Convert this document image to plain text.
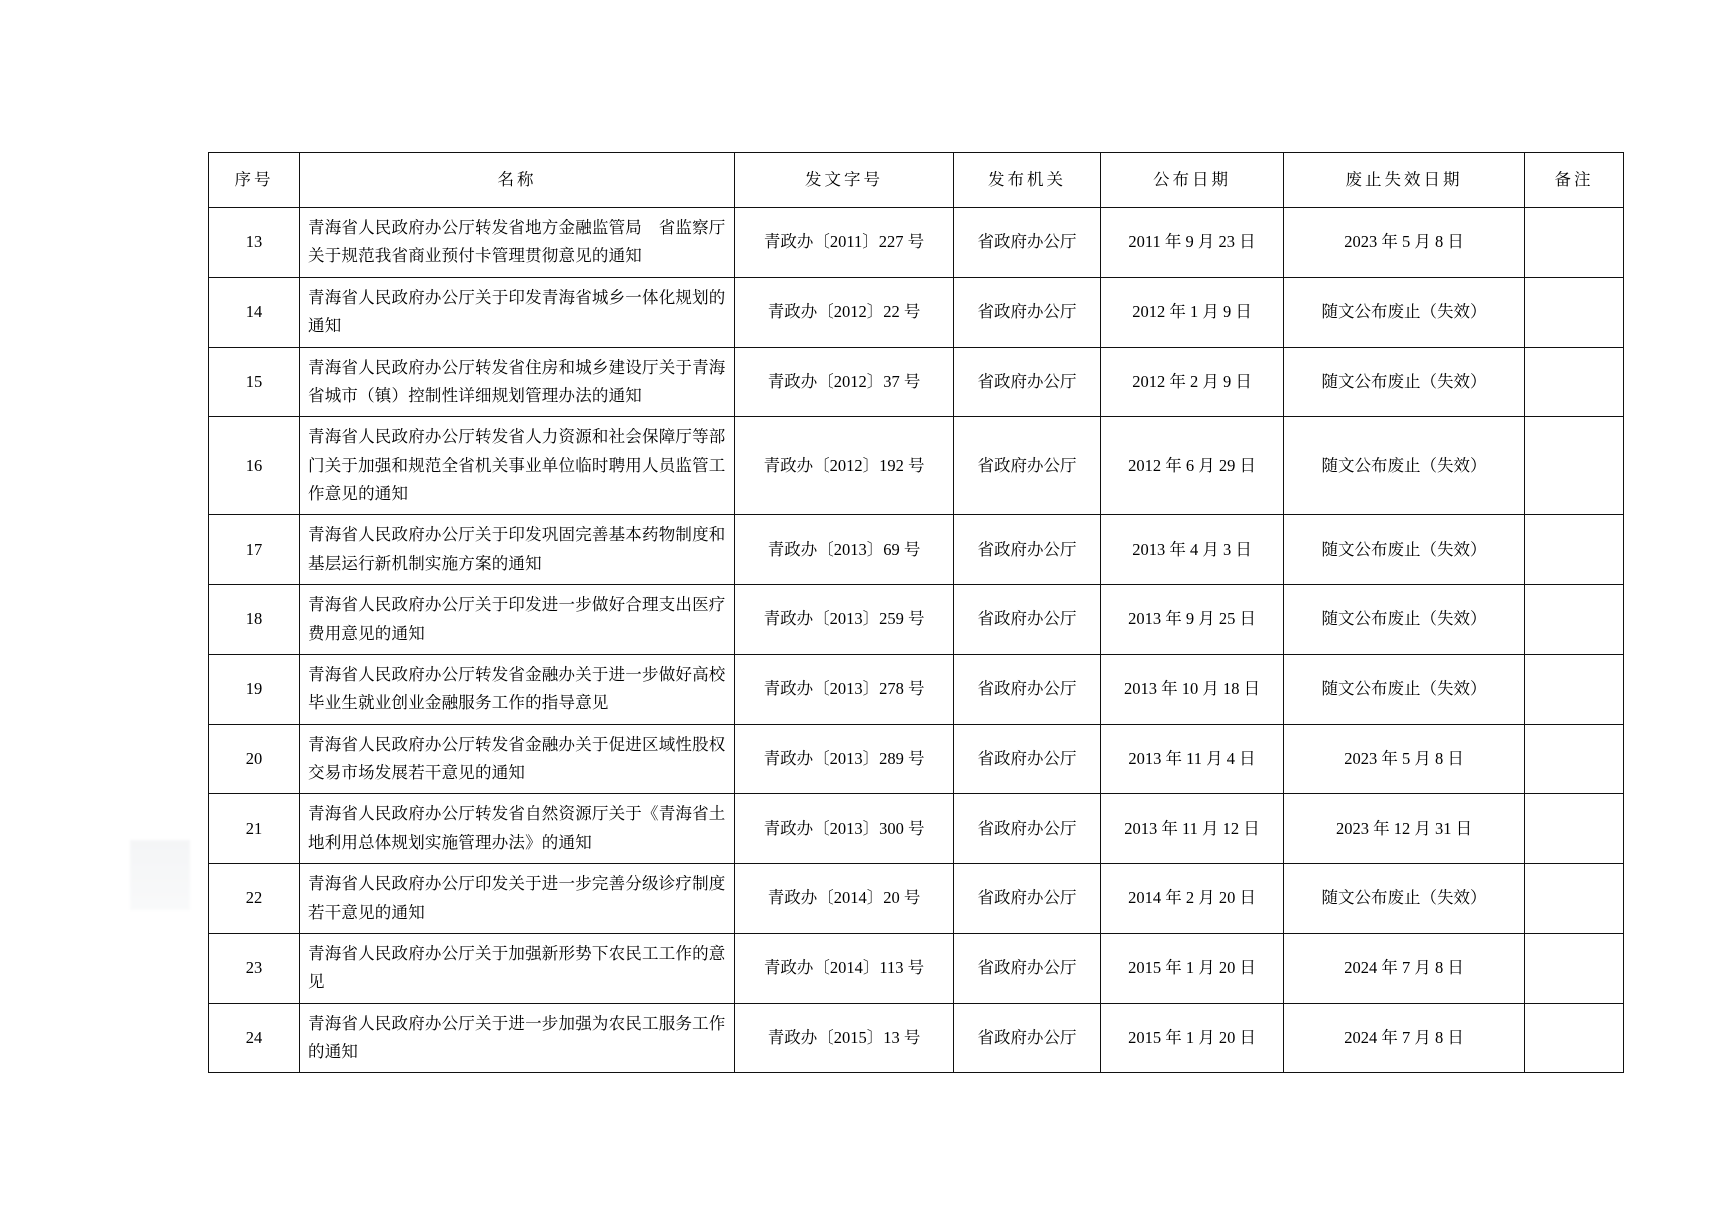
序号	名称	发文字号	发布机关	公布日期	废止失效日期	备注
13	青海省人民政府办公厅转发省地方金融监管局　省监察厅关于规范我省商业预付卡管理贯彻意见的通知	青政办〔2011〕227 号	省政府办公厅	2011 年 9 月 23 日	2023 年 5 月 8 日	
14	青海省人民政府办公厅关于印发青海省城乡一体化规划的通知	青政办〔2012〕22 号	省政府办公厅	2012 年 1 月 9 日	随文公布废止（失效）	
15	青海省人民政府办公厅转发省住房和城乡建设厅关于青海省城市（镇）控制性详细规划管理办法的通知	青政办〔2012〕37 号	省政府办公厅	2012 年 2 月 9 日	随文公布废止（失效）	
16	青海省人民政府办公厅转发省人力资源和社会保障厅等部门关于加强和规范全省机关事业单位临时聘用人员监管工作意见的通知	青政办〔2012〕192 号	省政府办公厅	2012 年 6 月 29 日	随文公布废止（失效）	
17	青海省人民政府办公厅关于印发巩固完善基本药物制度和基层运行新机制实施方案的通知	青政办〔2013〕69 号	省政府办公厅	2013 年 4 月 3 日	随文公布废止（失效）	
18	青海省人民政府办公厅关于印发进一步做好合理支出医疗费用意见的通知	青政办〔2013〕259 号	省政府办公厅	2013 年 9 月 25 日	随文公布废止（失效）	
19	青海省人民政府办公厅转发省金融办关于进一步做好高校毕业生就业创业金融服务工作的指导意见	青政办〔2013〕278 号	省政府办公厅	2013 年 10 月 18 日	随文公布废止（失效）	
20	青海省人民政府办公厅转发省金融办关于促进区域性股权交易市场发展若干意见的通知	青政办〔2013〕289 号	省政府办公厅	2013 年 11 月 4 日	2023 年 5 月 8 日	
21	青海省人民政府办公厅转发省自然资源厅关于《青海省土地利用总体规划实施管理办法》的通知	青政办〔2013〕300 号	省政府办公厅	2013 年 11 月 12 日	2023 年 12 月 31 日	
22	青海省人民政府办公厅印发关于进一步完善分级诊疗制度若干意见的通知	青政办〔2014〕20 号	省政府办公厅	2014 年 2 月 20 日	随文公布废止（失效）	
23	青海省人民政府办公厅关于加强新形势下农民工工作的意见	青政办〔2014〕113 号	省政府办公厅	2015 年 1 月 20 日	2024 年 7 月 8 日	
24	青海省人民政府办公厅关于进一步加强为农民工服务工作的通知	青政办〔2015〕13 号	省政府办公厅	2015 年 1 月 20 日	2024 年 7 月 8 日	
